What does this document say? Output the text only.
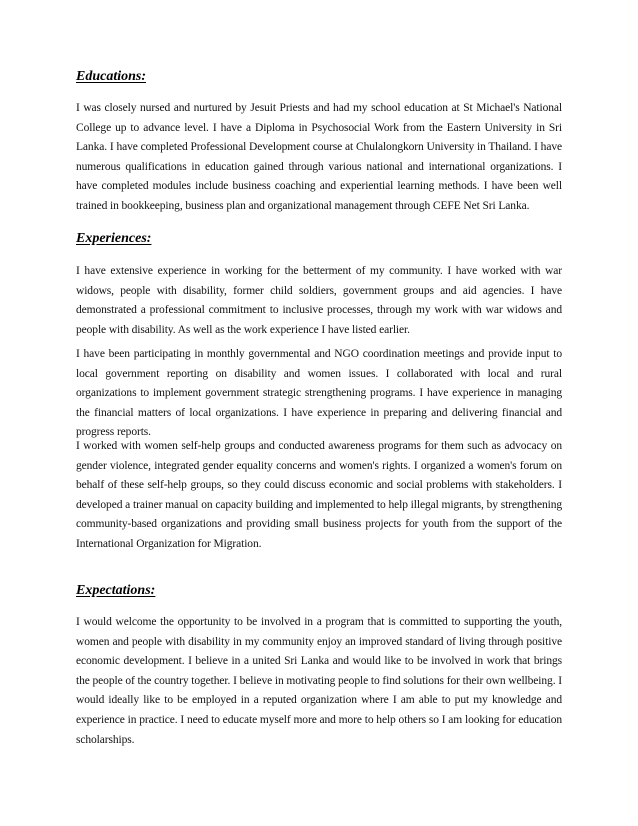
Educations:

I was closely nursed and nurtured by Jesuit Priests and had my school education at St Michael's National College up to advance level. I have a Diploma in Psychosocial Work from the Eastern University in Sri Lanka. I have completed Professional Development course at Chulalongkorn University in Thailand. I have numerous qualifications in education gained through various national and international organizations. I have completed modules include business coaching and experiential learning methods. I have been well trained in bookkeeping, business plan and organizational management through CEFE Net Sri Lanka.

Experiences:

I have extensive experience in working for the betterment of my community. I have worked with war widows, people with disability, former child soldiers, government groups and aid agencies. I have demonstrated a professional commitment to inclusive processes, through my work with war widows and people with disability. As well as the work experience I have listed earlier.

I have been participating in monthly governmental and NGO coordination meetings and provide input to local government reporting on disability and women issues. I collaborated with local and rural organizations to implement government strategic strengthening programs. I have experience in managing the financial matters of local organizations. I have experience in preparing and delivering financial and progress reports.

I worked with women self-help groups and conducted awareness programs for them such as advocacy on gender violence, integrated gender equality concerns and women's rights. I organized a women's forum on behalf of these self-help groups, so they could discuss economic and social problems with stakeholders. I developed a trainer manual on capacity building and implemented to help illegal migrants, by strengthening community-based organizations and providing small business projects for youth from the support of the International Organization for Migration.

Expectations:

I would welcome the opportunity to be involved in a program that is committed to supporting the youth, women and people with disability in my community enjoy an improved standard of living through positive economic development. I believe in a united Sri Lanka and would like to be involved in work that brings the people of the country together. I believe in motivating people to find solutions for their own wellbeing. I would ideally like to be employed in a reputed organization where I am able to put my knowledge and experience in practice. I need to educate myself more and more to help others so I am looking for education scholarships.
